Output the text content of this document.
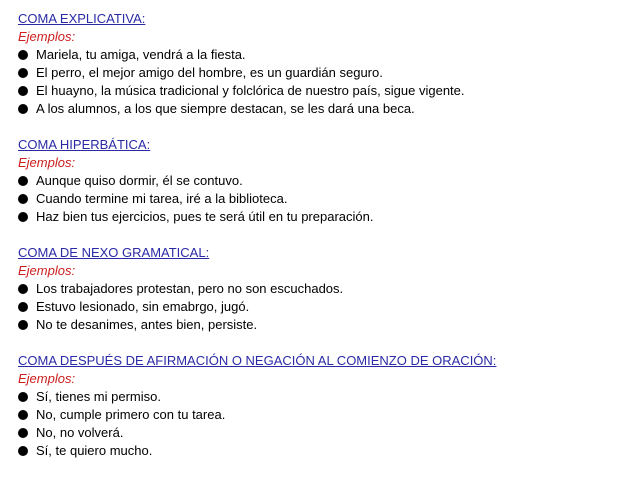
COMA EXPLICATIVA:
Ejemplos:
Mariela, tu amiga, vendrá a la fiesta.
El perro, el mejor amigo del hombre, es un guardián seguro.
El huayno, la música tradicional y folclórica de nuestro país, sigue vigente.
A los alumnos, a los que siempre destacan, se les dará una beca.
COMA HIPERBÁTICA:
Ejemplos:
Aunque quiso dormir, él se contuvo.
Cuando termine mi tarea, iré a la biblioteca.
Haz bien tus ejercicios, pues te será útil en tu preparación.
COMA DE NEXO GRAMATICAL:
Ejemplos:
Los trabajadores protestan, pero no son escuchados.
Estuvo lesionado, sin emabrgo, jugó.
No te desanimes, antes bien, persiste.
COMA DESPUÉS DE AFIRMACIÓN O NEGACIÓN AL COMIENZO DE ORACIÓN:
Ejemplos:
Sí, tienes mi permiso.
No, cumple primero con tu tarea.
No, no volverá.
Sí, te quiero mucho.
